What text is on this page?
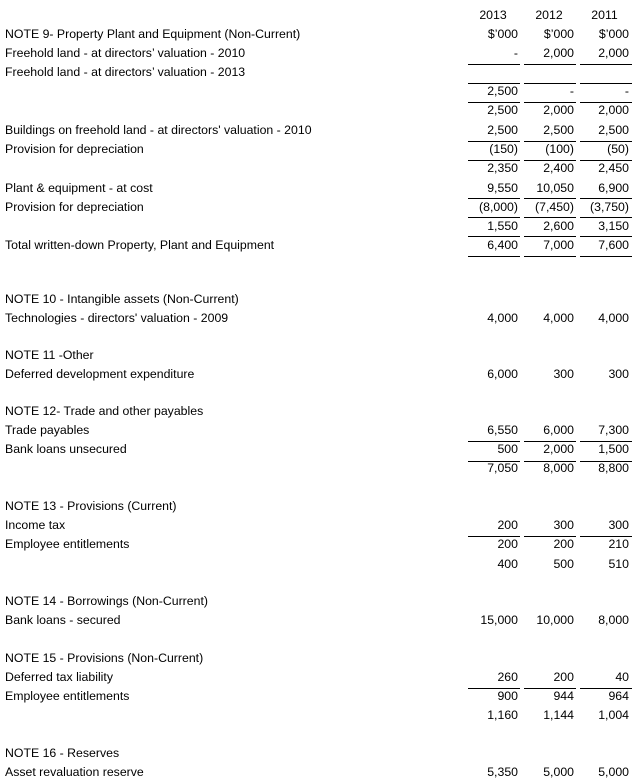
2013	2012	2011
NOTE 9- Property Plant and Equipment (Non-Current)	$’000	$’000	$’000
Freehold land - at directors’ valuation - 2010	-	2,000	2,000
Freehold land - at directors’ valuation - 2013
2,500	-	-
2,500	2,000	2,000
Buildings on freehold land - at directors' valuation - 2010	2,500	2,500	2,500
Provision for depreciation	(150)	(100)	(50)
2,350	2,400	2,450
Plant & equipment - at cost	9,550	10,050	6,900
Provision for depreciation	(8,000)	(7,450)	(3,750)
1,550	2,600	3,150
Total written-down Property, Plant and Equipment	6,400	7,000	7,600
NOTE 10 - Intangible assets (Non-Current)
Technologies - directors' valuation - 2009	4,000	4,000	4,000
NOTE 11 -Other
Deferred development expenditure	6,000	300	300
NOTE 12- Trade and other payables
Trade payables	6,550	6,000	7,300
Bank loans unsecured	500	2,000	1,500
7,050	8,000	8,800
NOTE 13 - Provisions (Current)
Income tax	200	300	300
Employee entitlements	200	200	210
400	500	510
NOTE 14 - Borrowings (Non-Current)
Bank loans - secured	15,000	10,000	8,000
NOTE 15 - Provisions (Non-Current)
Deferred tax liability	260	200	40
Employee entitlements	900	944	964
1,160	1,144	1,004
NOTE 16 - Reserves
Asset revaluation reserve	5,350	5,000	5,000
